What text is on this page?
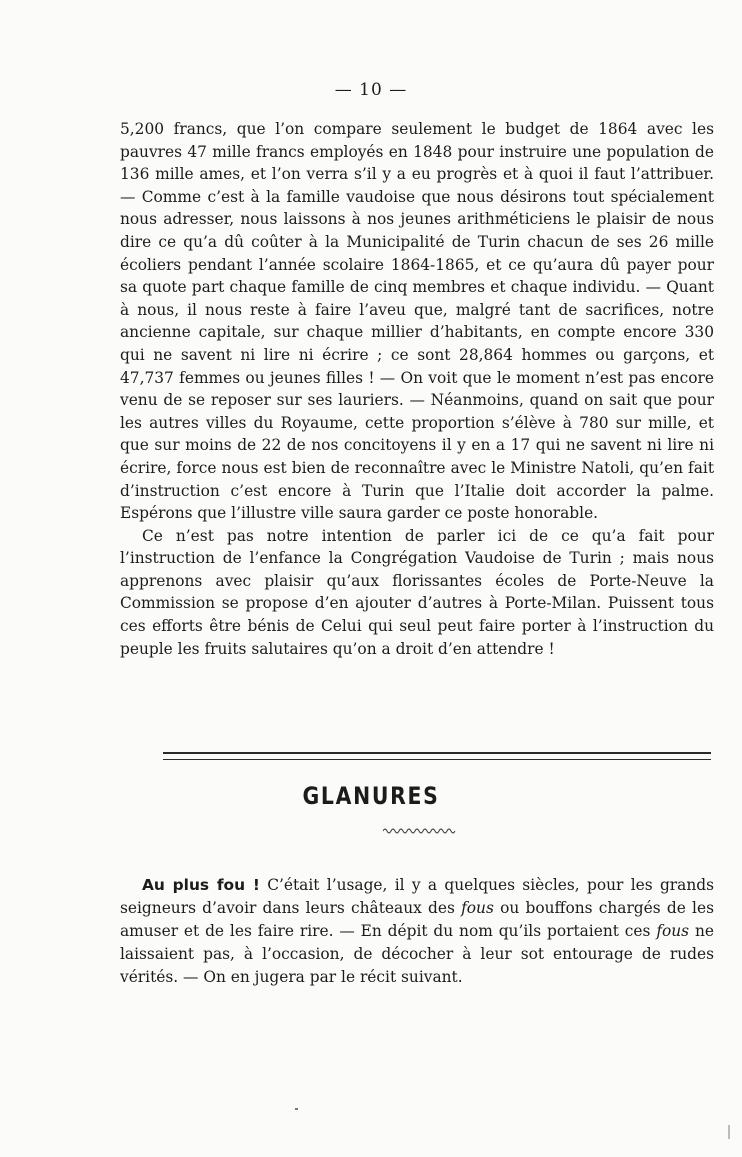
— 10 —

5,200 francs, que l’on compare seulement le budget de 1864 avec les pauvres 47 mille francs employés en 1848 pour instruire une population de 136 mille ames, et l’on verra s’il y a eu progrès et à quoi il faut l’attribuer. — Comme c’est à la famille vaudoise que nous désirons tout spécialement nous adresser, nous laissons à nos jeunes arithméticiens le plaisir de nous dire ce qu’a dû coûter à la Municipalité de Turin chacun de ses 26 mille écoliers pendant l’année scolaire 1864-1865, et ce qu’aura dû payer pour sa quote part chaque famille de cinq membres et chaque individu. — Quant à nous, il nous reste à faire l’aveu que, malgré tant de sacrifices, notre ancienne capitale, sur chaque millier d’habitants, en compte encore 330 qui ne savent ni lire ni écrire ; ce sont 28,864 hommes ou garçons, et 47,737 femmes ou jeunes filles ! — On voit que le moment n’est pas encore venu de se reposer sur ses lauriers. — Néanmoins, quand on sait que pour les autres villes du Royaume, cette proportion s’élève à 780 sur mille, et que sur moins de 22 de nos concitoyens il y en a 17 qui ne savent ni lire ni écrire, force nous est bien de reconnaître avec le Ministre Natoli, qu’en fait d’instruction c’est encore à Turin que l’Italie doit accorder la palme. Espérons que l’illustre ville saura garder ce poste honorable.

Ce n’est pas notre intention de parler ici de ce qu’a fait pour l’instruction de l’enfance la Congrégation Vaudoise de Turin ; mais nous apprenons avec plaisir qu’aux florissantes écoles de Porte-Neuve la Commission se propose d’en ajouter d’autres à Porte-Milan. Puissent tous ces efforts être bénis de Celui qui seul peut faire porter à l’instruction du peuple les fruits salutaires qu’on a droit d’en attendre !

GLANURES

Au plus fou ! C’était l’usage, il y a quelques siècles, pour les grands seigneurs d’avoir dans leurs châteaux des fous ou bouffons chargés de les amuser et de les faire rire. — En dépit du nom qu’ils portaient ces fous ne laissaient pas, à l’occasion, de décocher à leur sot entourage de rudes vérités. — On en jugera par le récit suivant.
